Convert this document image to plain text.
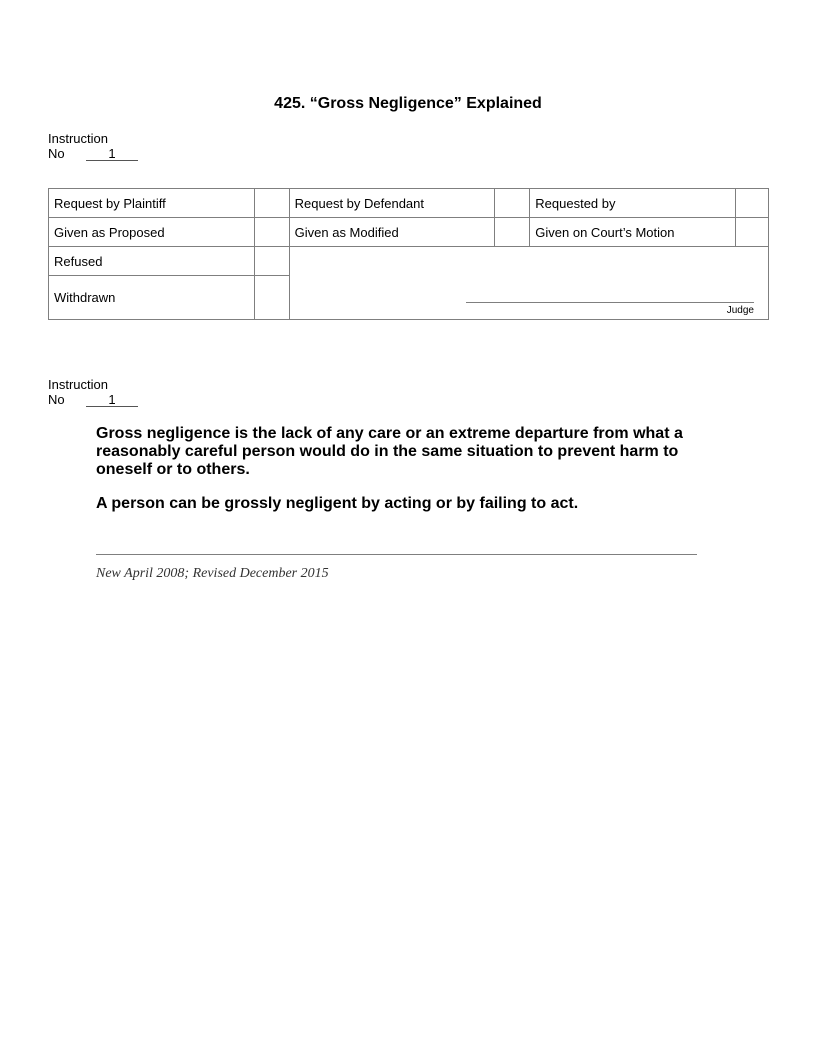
425. “Gross Negligence” Explained
Instruction
No	1
Request by Plaintiff		Request by Defendant		Requested by	
Given as Proposed		Given as Modified		Given on Court’s Motion	
Refused		Judge			

Withdrawn					
Instruction
No	1

Gross negligence is the lack of any care or an extreme departure from what a reasonably careful person would do in the same situation to prevent harm to oneself or to others.

A person can be grossly negligent by acting or by failing to act.

New April 2008; Revised December 2015
